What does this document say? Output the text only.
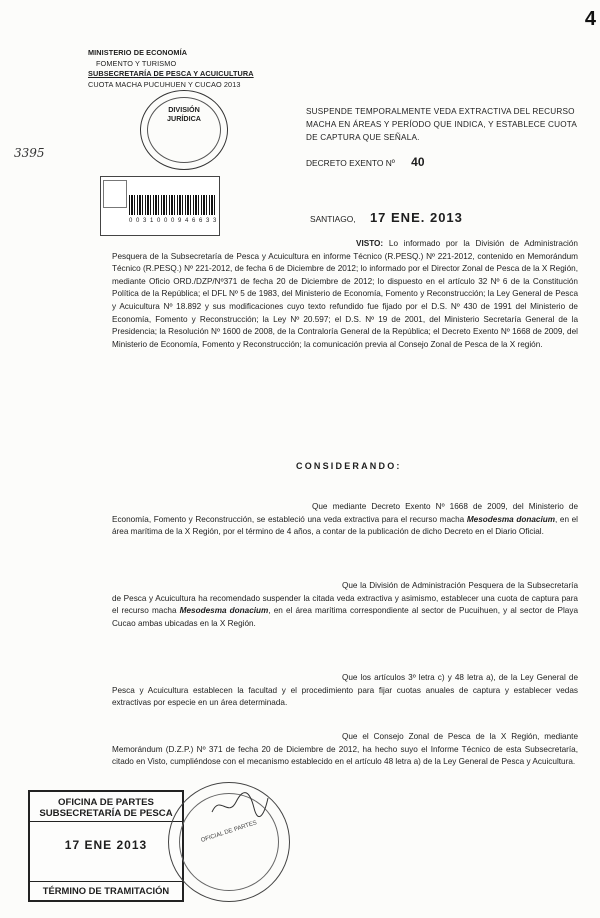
4
MINISTERIO DE ECONOMÍA
FOMENTO Y TURISMO
SUBSECRETARÍA DE PESCA Y ACUICULTURA
CUOTA MACHA PUCUHUEN Y CUCAO 2013
DIVISIÓN
JURÍDICA
3395
0 0 3 1 0 0 0 9 4 6 6 3 3
SUSPENDE TEMPORALMENTE VEDA EXTRACTIVA DEL RECURSO MACHA EN ÁREAS Y PERÍODO QUE INDICA, Y ESTABLECE CUOTA DE CAPTURA QUE SEÑALA.
DECRETO EXENTO Nº 40
SANTIAGO, 17 ENE. 2013
VISTO: Lo informado por la División de Administración Pesquera de la Subsecretaría de Pesca y Acuicultura en informe Técnico (R.PESQ.) Nº 221-2012, contenido en Memorándum Técnico (R.PESQ.) Nº 221-2012, de fecha 6 de Diciembre de 2012; lo informado por el Director Zonal de Pesca de la X Región, mediante Oficio ORD./DZP/Nº371 de fecha 20 de Diciembre de 2012; lo dispuesto en el artículo 32 Nº 6 de la Constitución Política de la República; el DFL Nº 5 de 1983, del Ministerio de Economía, Fomento y Reconstrucción; la Ley General de Pesca y Acuicultura Nº 18.892 y sus modificaciones cuyo texto refundido fue fijado por el D.S. Nº 430 de 1991 del Ministerio de Economía, Fomento y Reconstrucción; la Ley Nº 20.597; el D.S. Nº 19 de 2001, del Ministerio Secretaría General de la Presidencia; la Resolución Nº 1600 de 2008, de la Contraloría General de la República; el Decreto Exento Nº 1668 de 2009, del Ministerio de Economía, Fomento y Reconstrucción; la comunicación previa al Consejo Zonal de Pesca de la X región.
CONSIDERANDO:
Que mediante Decreto Exento Nº 1668 de 2009, del Ministerio de Economía, Fomento y Reconstrucción, se estableció una veda extractiva para el recurso macha Mesodesma donacium, en el área marítima de la X Región, por el término de 4 años, a contar de la publicación de dicho Decreto en el Diario Oficial.
Que la División de Administración Pesquera de la Subsecretaría de Pesca y Acuicultura ha recomendado suspender la citada veda extractiva y asimismo, establecer una cuota de captura para el recurso macha Mesodesma donacium, en el área marítima correspondiente al sector de Pucuihuen, y al sector de Playa Cucao ambas ubicadas en la X Región.
Que los artículos 3º letra c) y 48 letra a), de la Ley General de Pesca y Acuicultura establecen la facultad y el procedimiento para fijar cuotas anuales de captura y establecer vedas extractivas por especie en un área determinada.
Que el Consejo Zonal de Pesca de la X Región, mediante Memorándum (D.Z.P.) Nº 371 de fecha 20 de Diciembre de 2012, ha hecho suyo el Informe Técnico de esta Subsecretaría, citado en Visto, cumpliéndose con el mecanismo establecido en el artículo 48 letra a) de la Ley General de Pesca y Acuicultura.
OFICINA DE PARTES
SUBSECRETARÍA DE PESCA
17 ENE 2013
TÉRMINO DE TRAMITACIÓN
OFICIAL DE PARTES
